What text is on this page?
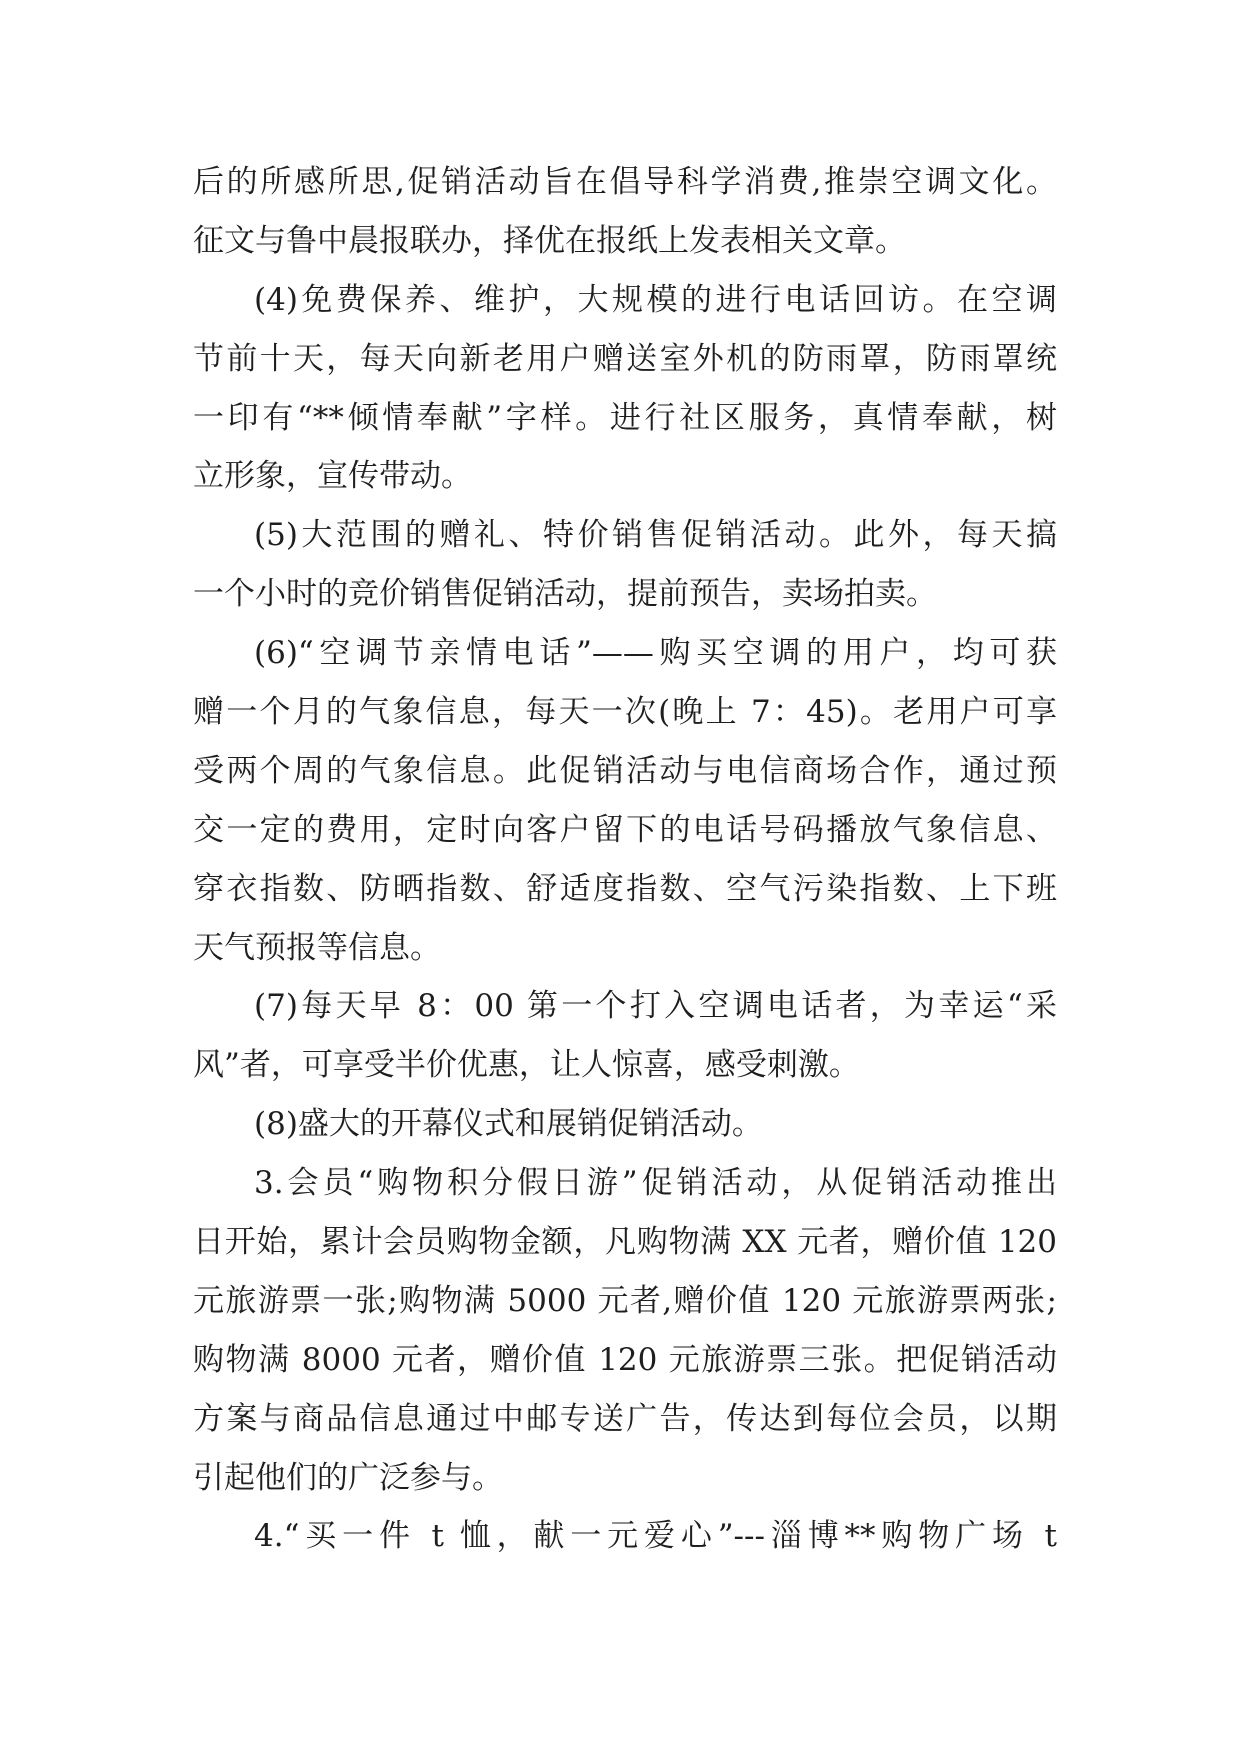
后的所感所思,促销活动旨在倡导科学消费,推崇空调文化。
征文与鲁中晨报联办，择优在报纸上发表相关文章。
(4)免费保养、维护，大规模的进行电话回访。在空调
节前十天，每天向新老用户赠送室外机的防雨罩，防雨罩统
一印有“**倾情奉献”字样。进行社区服务，真情奉献，树
立形象，宣传带动。
(5)大范围的赠礼、特价销售促销活动。此外，每天搞
一个小时的竞价销售促销活动，提前预告，卖场拍卖。
(6)“空调节亲情电话”——购买空调的用户，均可获
赠一个月的气象信息，每天一次(晚上 7：45)。老用户可享
受两个周的气象信息。此促销活动与电信商场合作，通过预
交一定的费用，定时向客户留下的电话号码播放气象信息、
穿衣指数、防晒指数、舒适度指数、空气污染指数、上下班
天气预报等信息。
(7)每天早 8：00 第一个打入空调电话者，为幸运“采
风”者，可享受半价优惠，让人惊喜，感受刺激。
(8)盛大的开幕仪式和展销促销活动。
3.会员“购物积分假日游”促销活动，从促销活动推出
日开始，累计会员购物金额，凡购物满 XX 元者，赠价值 120
元旅游票一张;购物满 5000 元者,赠价值 120 元旅游票两张;
购物满 8000 元者，赠价值 120 元旅游票三张。把促销活动
方案与商品信息通过中邮专送广告，传达到每位会员，以期
引起他们的广泛参与。
4.“买一件 t 恤，献一元爱心”---淄博**购物广场 t
